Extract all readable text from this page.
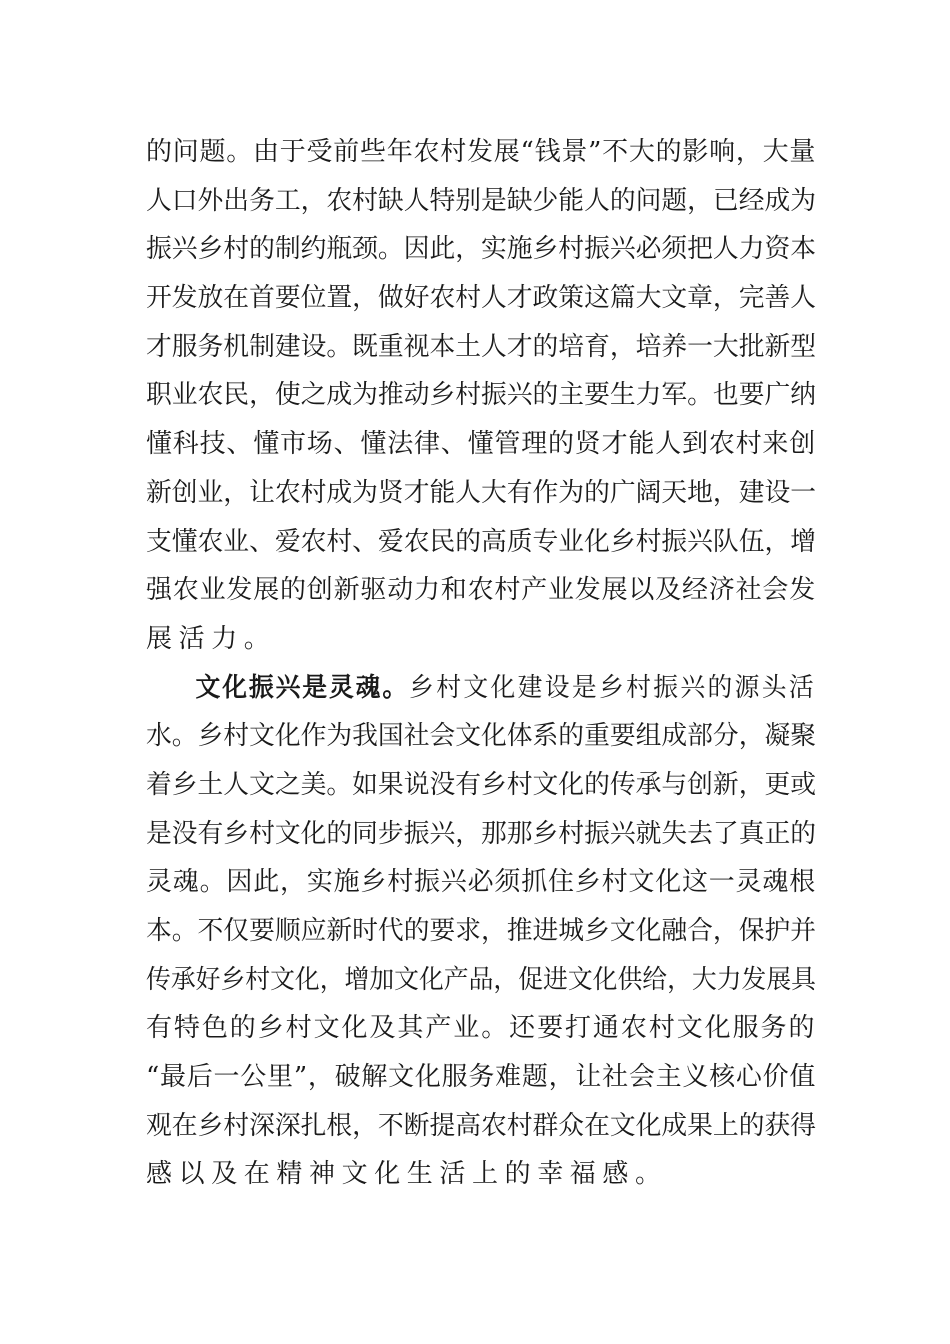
的问题。由于受前些年农村发展“钱景”不大的影响，大量
人口外出务工，农村缺人特别是缺少能人的问题，已经成为
振兴乡村的制约瓶颈。因此，实施乡村振兴必须把人力资本
开发放在首要位置，做好农村人才政策这篇大文章，完善人
才服务机制建设。既重视本土人才的培育，培养一大批新型
职业农民，使之成为推动乡村振兴的主要生力军。也要广纳
懂科技、懂市场、懂法律、懂管理的贤才能人到农村来创
新创业，让农村成为贤才能人大有作为的广阔天地，建设一
支懂农业、爱农村、爱农民的高质专业化乡村振兴队伍，增
强农业发展的创新驱动力和农村产业发展以及经济社会发
展活力。
文化振兴是灵魂。乡村文化建设是乡村振兴的源头活
水。乡村文化作为我国社会文化体系的重要组成部分，凝聚
着乡土人文之美。如果说没有乡村文化的传承与创新，更或
是没有乡村文化的同步振兴，那那乡村振兴就失去了真正的
灵魂。因此，实施乡村振兴必须抓住乡村文化这一灵魂根
本。不仅要顺应新时代的要求，推进城乡文化融合，保护并
传承好乡村文化，增加文化产品，促进文化供给，大力发展具
有特色的乡村文化及其产业。还要打通农村文化服务的
“最后一公里”，破解文化服务难题，让社会主义核心价值
观在乡村深深扎根，不断提高农村群众在文化成果上的获得
感以及在精神文化生活上的幸福感。
